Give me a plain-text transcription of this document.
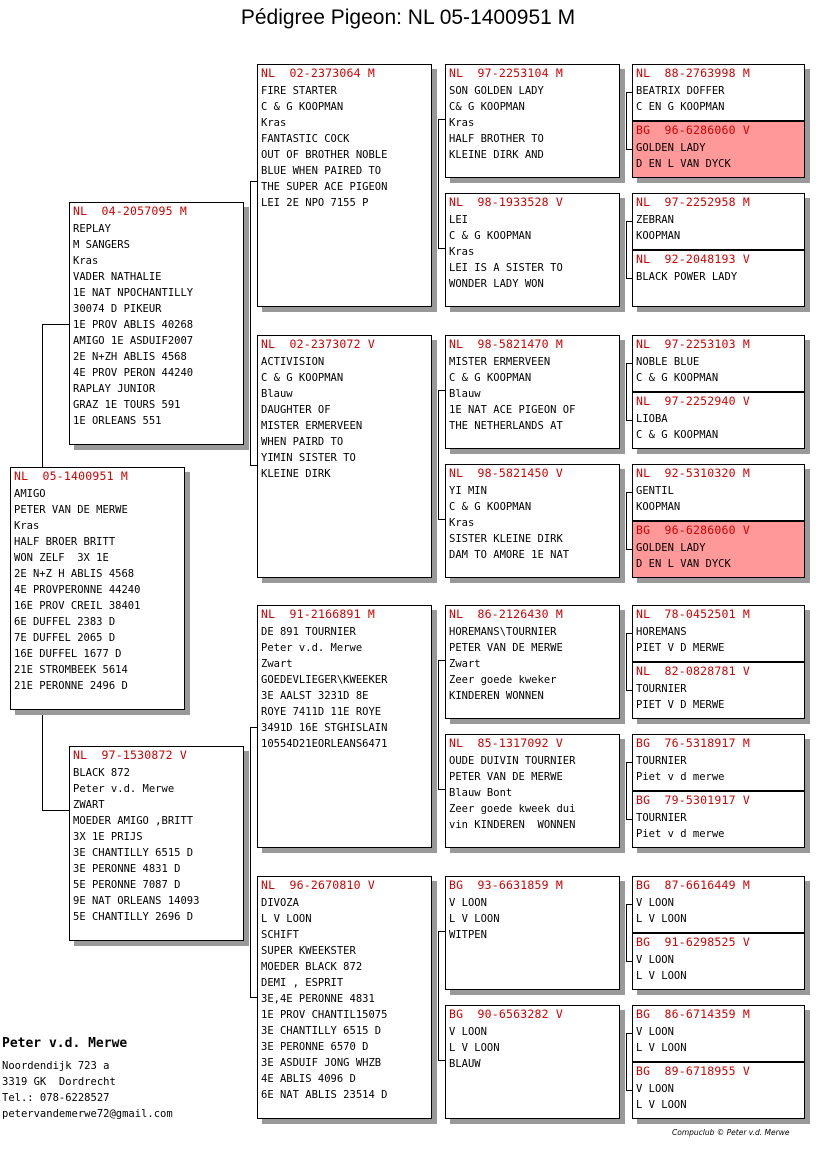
Pédigree Pigeon: NL 05-1400951 M
NL  05-1400951 M
AMIGO
PETER VAN DE MERWE
Kras
HALF BROER BRITT
WON ZELF  3X 1E
2E N+Z H ABLIS 4568
4E PROVPERONNE 44240
16E PROV CREIL 38401
6E DUFFEL 2383 D
7E DUFFEL 2065 D
16E DUFFEL 1677 D
21E STROMBEEK 5614
21E PERONNE 2496 D
NL  04-2057095 M
REPLAY
M SANGERS
Kras
VADER NATHALIE
1E NAT NPOCHANTILLY
30074 D PIKEUR
1E PROV ABLIS 40268
AMIGO 1E ASDUIF2007
2E N+ZH ABLIS 4568
4E PROV PERON 44240
RAPLAY JUNIOR
GRAZ 1E TOURS 591
1E ORLEANS 551
NL  97-1530872 V
BLACK 872
Peter v.d. Merwe
ZWART
MOEDER AMIGO ,BRITT
3X 1E PRIJS
3E CHANTILLY 6515 D
3E PERONNE 4831 D
5E PERONNE 7087 D
9E NAT ORLEANS 14093
5E CHANTILLY 2696 D
NL  02-2373064 M
FIRE STARTER
C & G KOOPMAN
Kras
FANTASTIC COCK
OUT OF BROTHER NOBLE
BLUE WHEN PAIRED TO
THE SUPER ACE PIGEON
LEI 2E NPO 7155 P
NL  02-2373072 V
ACTIVISION
C & G KOOPMAN
Blauw
DAUGHTER OF
MISTER ERMERVEEN
WHEN PAIRD TO
YIMIN SISTER TO
KLEINE DIRK
NL  91-2166891 M
DE 891 TOURNIER
Peter v.d. Merwe
Zwart
GOEDEVLIEGER\KWEEKER
3E AALST 3231D 8E
ROYE 7411D 11E ROYE
3491D 16E STGHISLAIN
10554D21EORLEANS6471
NL  96-2670810 V
DIVOZA
L V LOON
SCHIFT
SUPER KWEEKSTER
MOEDER BLACK 872
DEMI , ESPRIT
3E,4E PERONNE 4831
1E PROV CHANTIL15075
3E CHANTILLY 6515 D
3E PERONNE 6570 D
3E ASDUIF JONG WHZB
4E ABLIS 4096 D
6E NAT ABLIS 23514 D
NL  97-2253104 M
SON GOLDEN LADY
C& G KOOPMAN
Kras
HALF BROTHER TO
KLEINE DIRK AND
NL  98-1933528 V
LEI
C & G KOOPMAN
Kras
LEI IS A SISTER TO
WONDER LADY WON
NL  98-5821470 M
MISTER ERMERVEEN
C & G KOOPMAN
Blauw
1E NAT ACE PIGEON OF
THE NETHERLANDS AT
NL  98-5821450 V
YI MIN
C & G KOOPMAN
Kras
SISTER KLEINE DIRK
DAM TO AMORE 1E NAT
NL  86-2126430 M
HOREMANS\TOURNIER
PETER VAN DE MERWE
Zwart
Zeer goede kweker
KINDEREN WONNEN
NL  85-1317092 V
OUDE DUIVIN TOURNIER
PETER VAN DE MERWE
Blauw Bont
Zeer goede kweek dui
vin KINDEREN  WONNEN
BG  93-6631859 M
V LOON
L V LOON
WITPEN
BG  90-6563282 V
V LOON
L V LOON
BLAUW
NL  88-2763998 M
BEATRIX DOFFER
C EN G KOOPMAN
BG  96-6286060 V
GOLDEN LADY
D EN L VAN DYCK
NL  97-2252958 M
ZEBRAN
KOOPMAN
NL  92-2048193 V
BLACK POWER LADY
NL  97-2253103 M
NOBLE BLUE
C & G KOOPMAN
NL  97-2252940 V
LIOBA
C & G KOOPMAN
NL  92-5310320 M
GENTIL
KOOPMAN
BG  96-6286060 V
GOLDEN LADY
D EN L VAN DYCK
NL  78-0452501 M
HOREMANS
PIET V D MERWE
NL  82-0828781 V
TOURNIER
PIET V D MERWE
BG  76-5318917 M
TOURNIER
Piet v d merwe
BG  79-5301917 V
TOURNIER
Piet v d merwe
BG  87-6616449 M
V LOON
L V LOON
BG  91-6298525 V
V LOON
L V LOON
BG  86-6714359 M
V LOON
L V LOON
BG  89-6718955 V
V LOON
L V LOON
Peter v.d. Merwe
Noordendijk 723 a
3319 GK  Dordrecht
Tel.: 078-6228527
petervandemerwe72@gmail.com
Compuclub © Peter v.d. Merwe
